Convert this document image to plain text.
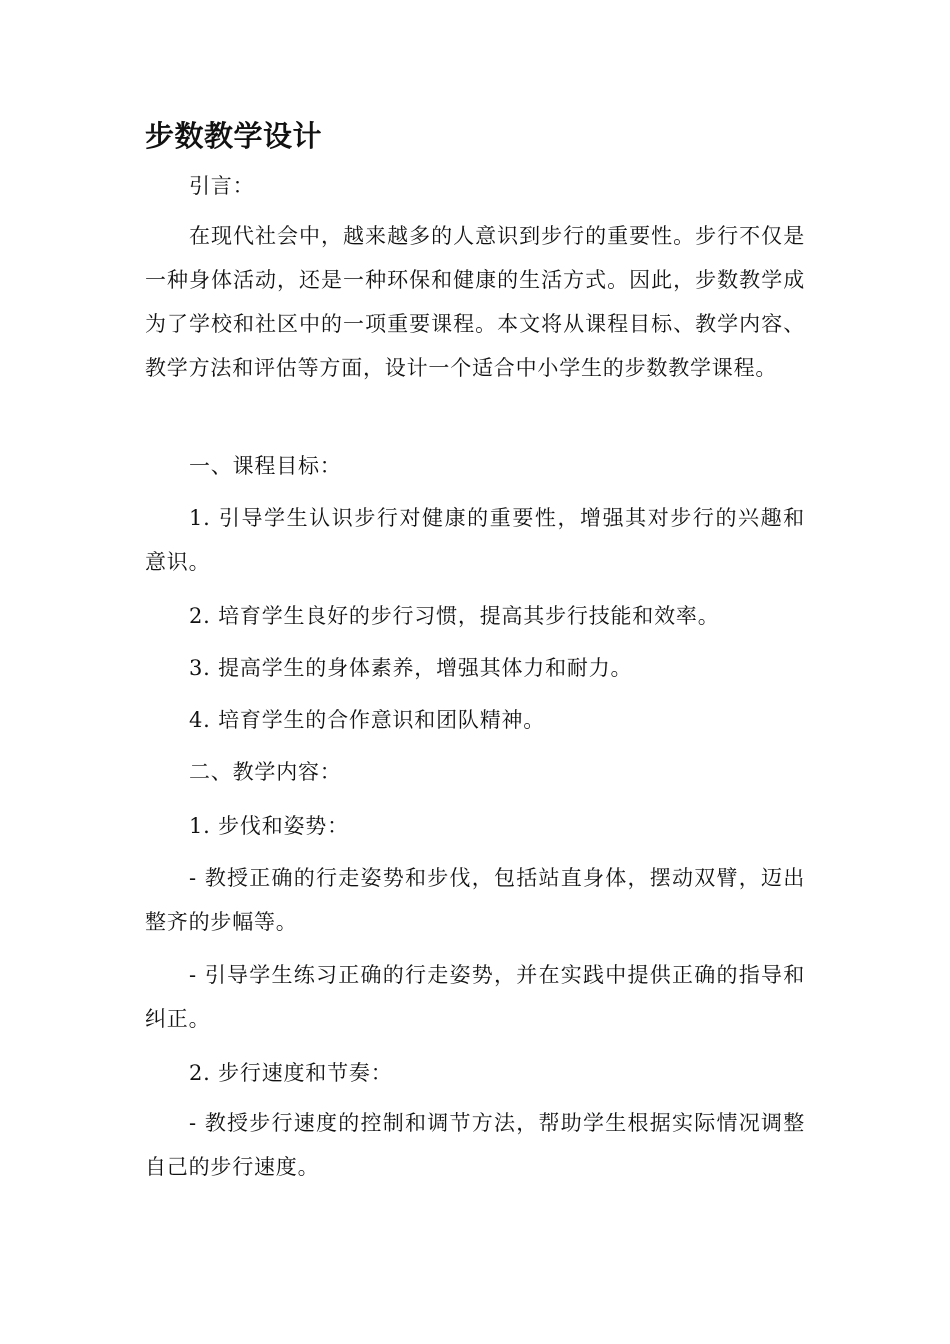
步数教学设计

引言：

在现代社会中，越来越多的人意识到步行的重要性。步行不仅是一种身体活动，还是一种环保和健康的生活方式。因此，步数教学成为了学校和社区中的一项重要课程。本文将从课程目标、教学内容、教学方法和评估等方面，设计一个适合中小学生的步数教学课程。

一、课程目标：

1. 引导学生认识步行对健康的重要性，增强其对步行的兴趣和意识。

2. 培育学生良好的步行习惯，提高其步行技能和效率。

3. 提高学生的身体素养，增强其体力和耐力。

4. 培育学生的合作意识和团队精神。

二、教学内容：

1. 步伐和姿势：

- 教授正确的行走姿势和步伐，包括站直身体，摆动双臂，迈出整齐的步幅等。

- 引导学生练习正确的行走姿势，并在实践中提供正确的指导和纠正。

2. 步行速度和节奏：

- 教授步行速度的控制和调节方法，帮助学生根据实际情况调整自己的步行速度。
